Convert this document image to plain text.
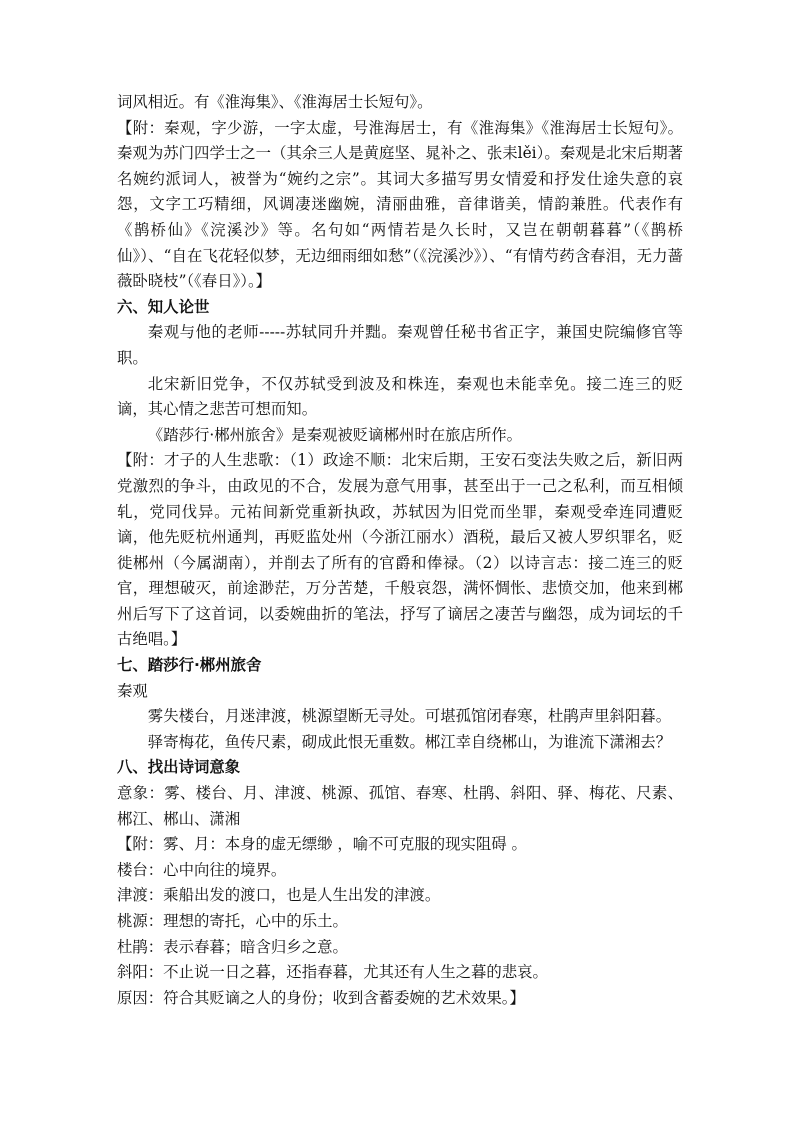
词风相近。有《淮海集》、《淮海居士长短句》。

【附：秦观，字少游，一字太虚，号淮海居士，有《淮海集》《淮海居士长短句》。秦观为苏门四学士之一（其余三人是黄庭坚、晁补之、张耒lěi）。秦观是北宋后期著名婉约派词人，被誉为“婉约之宗”。其词大多描写男女情爱和抒发仕途失意的哀怨，文字工巧精细，风调凄迷幽婉，清丽曲雅，音律谐美，情韵兼胜。代表作有《鹊桥仙》《浣溪沙》等。名句如“两情若是久长时，又岂在朝朝暮暮”（《鹊桥仙》）、“自在飞花轻似梦，无边细雨细如愁”（《浣溪沙》）、“有情芍药含春泪，无力蔷薇卧晓枝”（《春日》）。】

六、知人论世

秦观与他的老师-----苏轼同升并黜。秦观曾任秘书省正字，兼国史院编修官等职。

北宋新旧党争，不仅苏轼受到波及和株连，秦观也未能幸免。接二连三的贬谪，其心情之悲苦可想而知。

《踏莎行·郴州旅舍》是秦观被贬谪郴州时在旅店所作。

【附：才子的人生悲歌：（1）政途不顺：北宋后期，王安石变法失败之后，新旧两党激烈的争斗，由政见的不合，发展为意气用事，甚至出于一己之私利，而互相倾轧，党同伐异。元祐间新党重新执政，苏轼因为旧党而坐罪，秦观受牵连同遭贬谪，他先贬杭州通判，再贬监处州（今浙江丽水）酒税，最后又被人罗织罪名，贬徙郴州（今属湖南），并削去了所有的官爵和俸禄。（2）以诗言志：接二连三的贬官，理想破灭，前途渺茫，万分苦楚，千般哀怨，满怀惆怅、悲愤交加，他来到郴州后写下了这首词，以委婉曲折的笔法，抒写了谪居之凄苦与幽怨，成为词坛的千古绝唱。】

七、踏莎行·郴州旅舍

秦观

雾失楼台，月迷津渡，桃源望断无寻处。可堪孤馆闭春寒，杜鹃声里斜阳暮。

驿寄梅花，鱼传尺素，砌成此恨无重数。郴江幸自绕郴山，为谁流下潇湘去？

八、找出诗词意象

意象：雾、楼台、月、津渡、桃源、孤馆、春寒、杜鹃、斜阳、驿、梅花、尺素、郴江、郴山、潇湘

【附：雾、月：本身的虚无缥缈 ，喻不可克服的现实阻碍 。

楼台：心中向往的境界。

津渡：乘船出发的渡口，也是人生出发的津渡。

桃源：理想的寄托，心中的乐土。

杜鹃：表示春暮；暗含归乡之意。

斜阳：不止说一日之暮，还指春暮，尤其还有人生之暮的悲哀。

原因：符合其贬谪之人的身份；收到含蓄委婉的艺术效果。】
